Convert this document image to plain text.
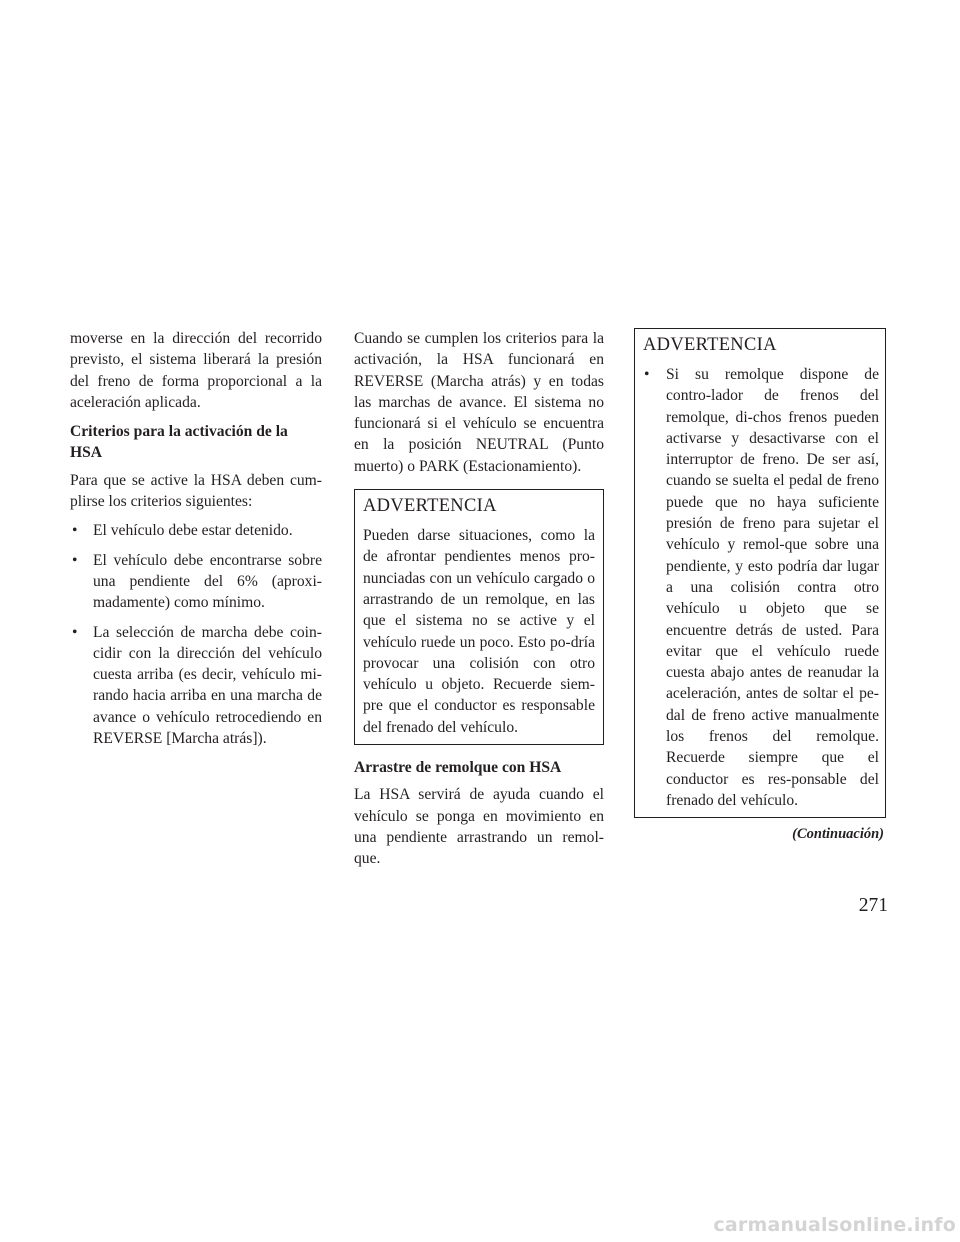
moverse en la dirección del recorrido previsto, el sistema liberará la presión del freno de forma proporcional a la aceleración aplicada.

Criterios para la activación de la HSA

Para que se active la HSA deben cum-plirse los criterios siguientes:

• El vehículo debe estar detenido.
• El vehículo debe encontrarse sobre una pendiente del 6% (aproxi-madamente) como mínimo.
• La selección de marcha debe coin-cidir con la dirección del vehículo cuesta arriba (es decir, vehículo mi-rando hacia arriba en una marcha de avance o vehículo retrocediendo en REVERSE [Marcha atrás]).

Cuando se cumplen los criterios para la activación, la HSA funcionará en REVERSE (Marcha atrás) y en todas las marchas de avance. El sistema no funcionará si el vehículo se encuentra en la posición NEUTRAL (Punto muerto) o PARK (Estacionamiento).

ADVERTENCIA

Pueden darse situaciones, como la de afrontar pendientes menos pro-nunciadas con un vehículo cargado o arrastrando de un remolque, en las que el sistema no se active y el vehículo ruede un poco. Esto po-dría provocar una colisión con otro vehículo u objeto. Recuerde siem-pre que el conductor es responsable del frenado del vehículo.

Arrastre de remolque con HSA

La HSA servirá de ayuda cuando el vehículo se ponga en movimiento en una pendiente arrastrando un remol-que.

ADVERTENCIA
• Si su remolque dispone de contro-lador de frenos del remolque, di-chos frenos pueden activarse y desactivarse con el interruptor de freno. De ser así, cuando se suelta el pedal de freno puede que no haya suficiente presión de freno para sujetar el vehículo y remol-que sobre una pendiente, y esto podría dar lugar a una colisión contra otro vehículo u objeto que se encuentre detrás de usted. Para evitar que el vehículo ruede cuesta abajo antes de reanudar la aceleración, antes de soltar el pe-dal de freno active manualmente los frenos del remolque. Recuerde siempre que el conductor es res-ponsable del frenado del vehículo.
(Continuación)
271
carmanualsonline.info
